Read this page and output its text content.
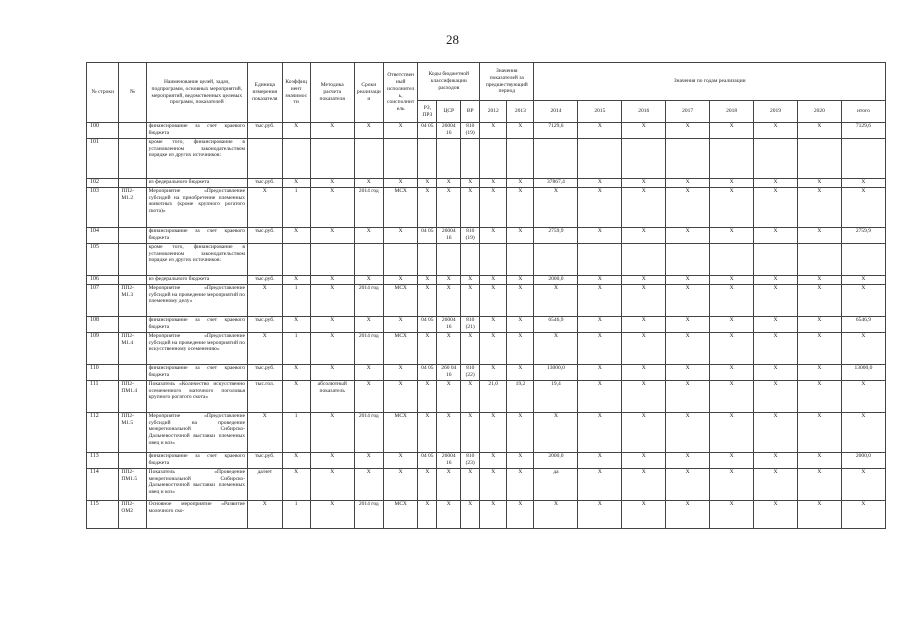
28
№ строки	№	Наименование целей, задач, подпрограмм, основных мероприятий, мероприятий, ведомственных целевых программ, показателей	Единица измерения показателя	Коэффициент значимости	Методика расчета показателя	Сроки реализации	Ответственный исполнитель, соисполнитель	Коды бюджетной классификации расходов			Значения показателей за предшествующий период		Значения по годам реализации							
								РЗ, ПРЗ	ЦСР	ВР	2012	2013	2014	2015	2016	2017	2018	2019	2020	итого
100		финансирование за счет краевого бюджета	тыс.руб.	X	X	X	X	04 05	26004 16	810 (19)	X	X	7129,6	X	X	X	X	X	X	7129,6
101		кроме того, финансирование в установленном законодательством порядке из других источников:																		
102		из федерального бюджета	тыс.руб.	X	X	X	X	X	X	X	X	X	37867,4	X	X	X	X	X	X	X
103	ПП2-М1.2	Мероприятие «Предоставление субсидий на приобретение племенных животных (кроме крупного рогатого скота)»	X	1	X	2014 год	МСХ	X	X	X	X	X	X	X	X	X	X	X	X	X
104		финансирование за счет краевого бюджета	тыс.руб.	X	X	X	X	04 05	26004 16	810 (19)	X	X	2759,9	X	X	X	X	X	X	2759,9
105		кроме того, финансирование в установленном законодательством порядке из других источников:																		
106		из федерального бюджета	тыс.руб.	X	X	X	X	X	X	X	X	X	2000,0	X	X	X	X	X	X	X
107	ПП2-М1.3	Мероприятие «Предоставление субсидий на проведение мероприятий по племенному делу»	X	1	X	2014 год	МСХ	X	X	X	X	X	X	X	X	X	X	X	X	X
108		финансирование за счет краевого бюджета	тыс.руб.	X	X	X	X	04 05	26004 16	810 (21)	X	X	6546,9	X	X	X	X	X	X	6546,9
109	ПП2-М1.4	Мероприятие «Предоставление субсидий на проведение мероприятий по искусственному осеменению»	X	1	X	2014 год	МСХ	X	X	X	X	X	X	X	X	X	X	X	X	X
110		финансирование за счет краевого бюджета	тыс.руб.	X	X	X	X	04 05	260 04 16	810 (22)	X	X	13000,0	X	X	X	X	X	X	13000,0
111	ПП2-ПМ1.4	Показатель «Количество искусственно осемененного маточного поголовья крупного рогатого скота»	тыс.гол.	X	абсолютный показатель	X	X	X	X	X	21,0	19,2	19,4	X	X	X	X	X	X	X
112	ПП2-М1.5	Мероприятие «Предоставление субсидий на проведение межрегиональной Сибирско-Дальневосточной выставки племенных овец и коз»	X	1	X	2014 год	МСХ	X	X	X	X	X	X	X	X	X	X	X	X	X
113		финансирование за счет краевого бюджета	тыс.руб.	X	X	X	X	04 05	26004 16	810 (23)	X	X	2000,0	X	X	X	X	X	X	2000,0
114	ПП2-ПМ1.5	Показатель «Проведение межрегиональной Сибирско-Дальневосточной выставки племенных овец и коз»	да/нет	X	X	X	X	X	X	X	X	X	да	X	X	X	X	X	X	X
115	ПП2-ОМ2	Основное мероприятие «Развитие молочного ско-	X	1	X	2014 год	МСХ	X	X	X	X	X	X	X	X	X	X	X	X	X
